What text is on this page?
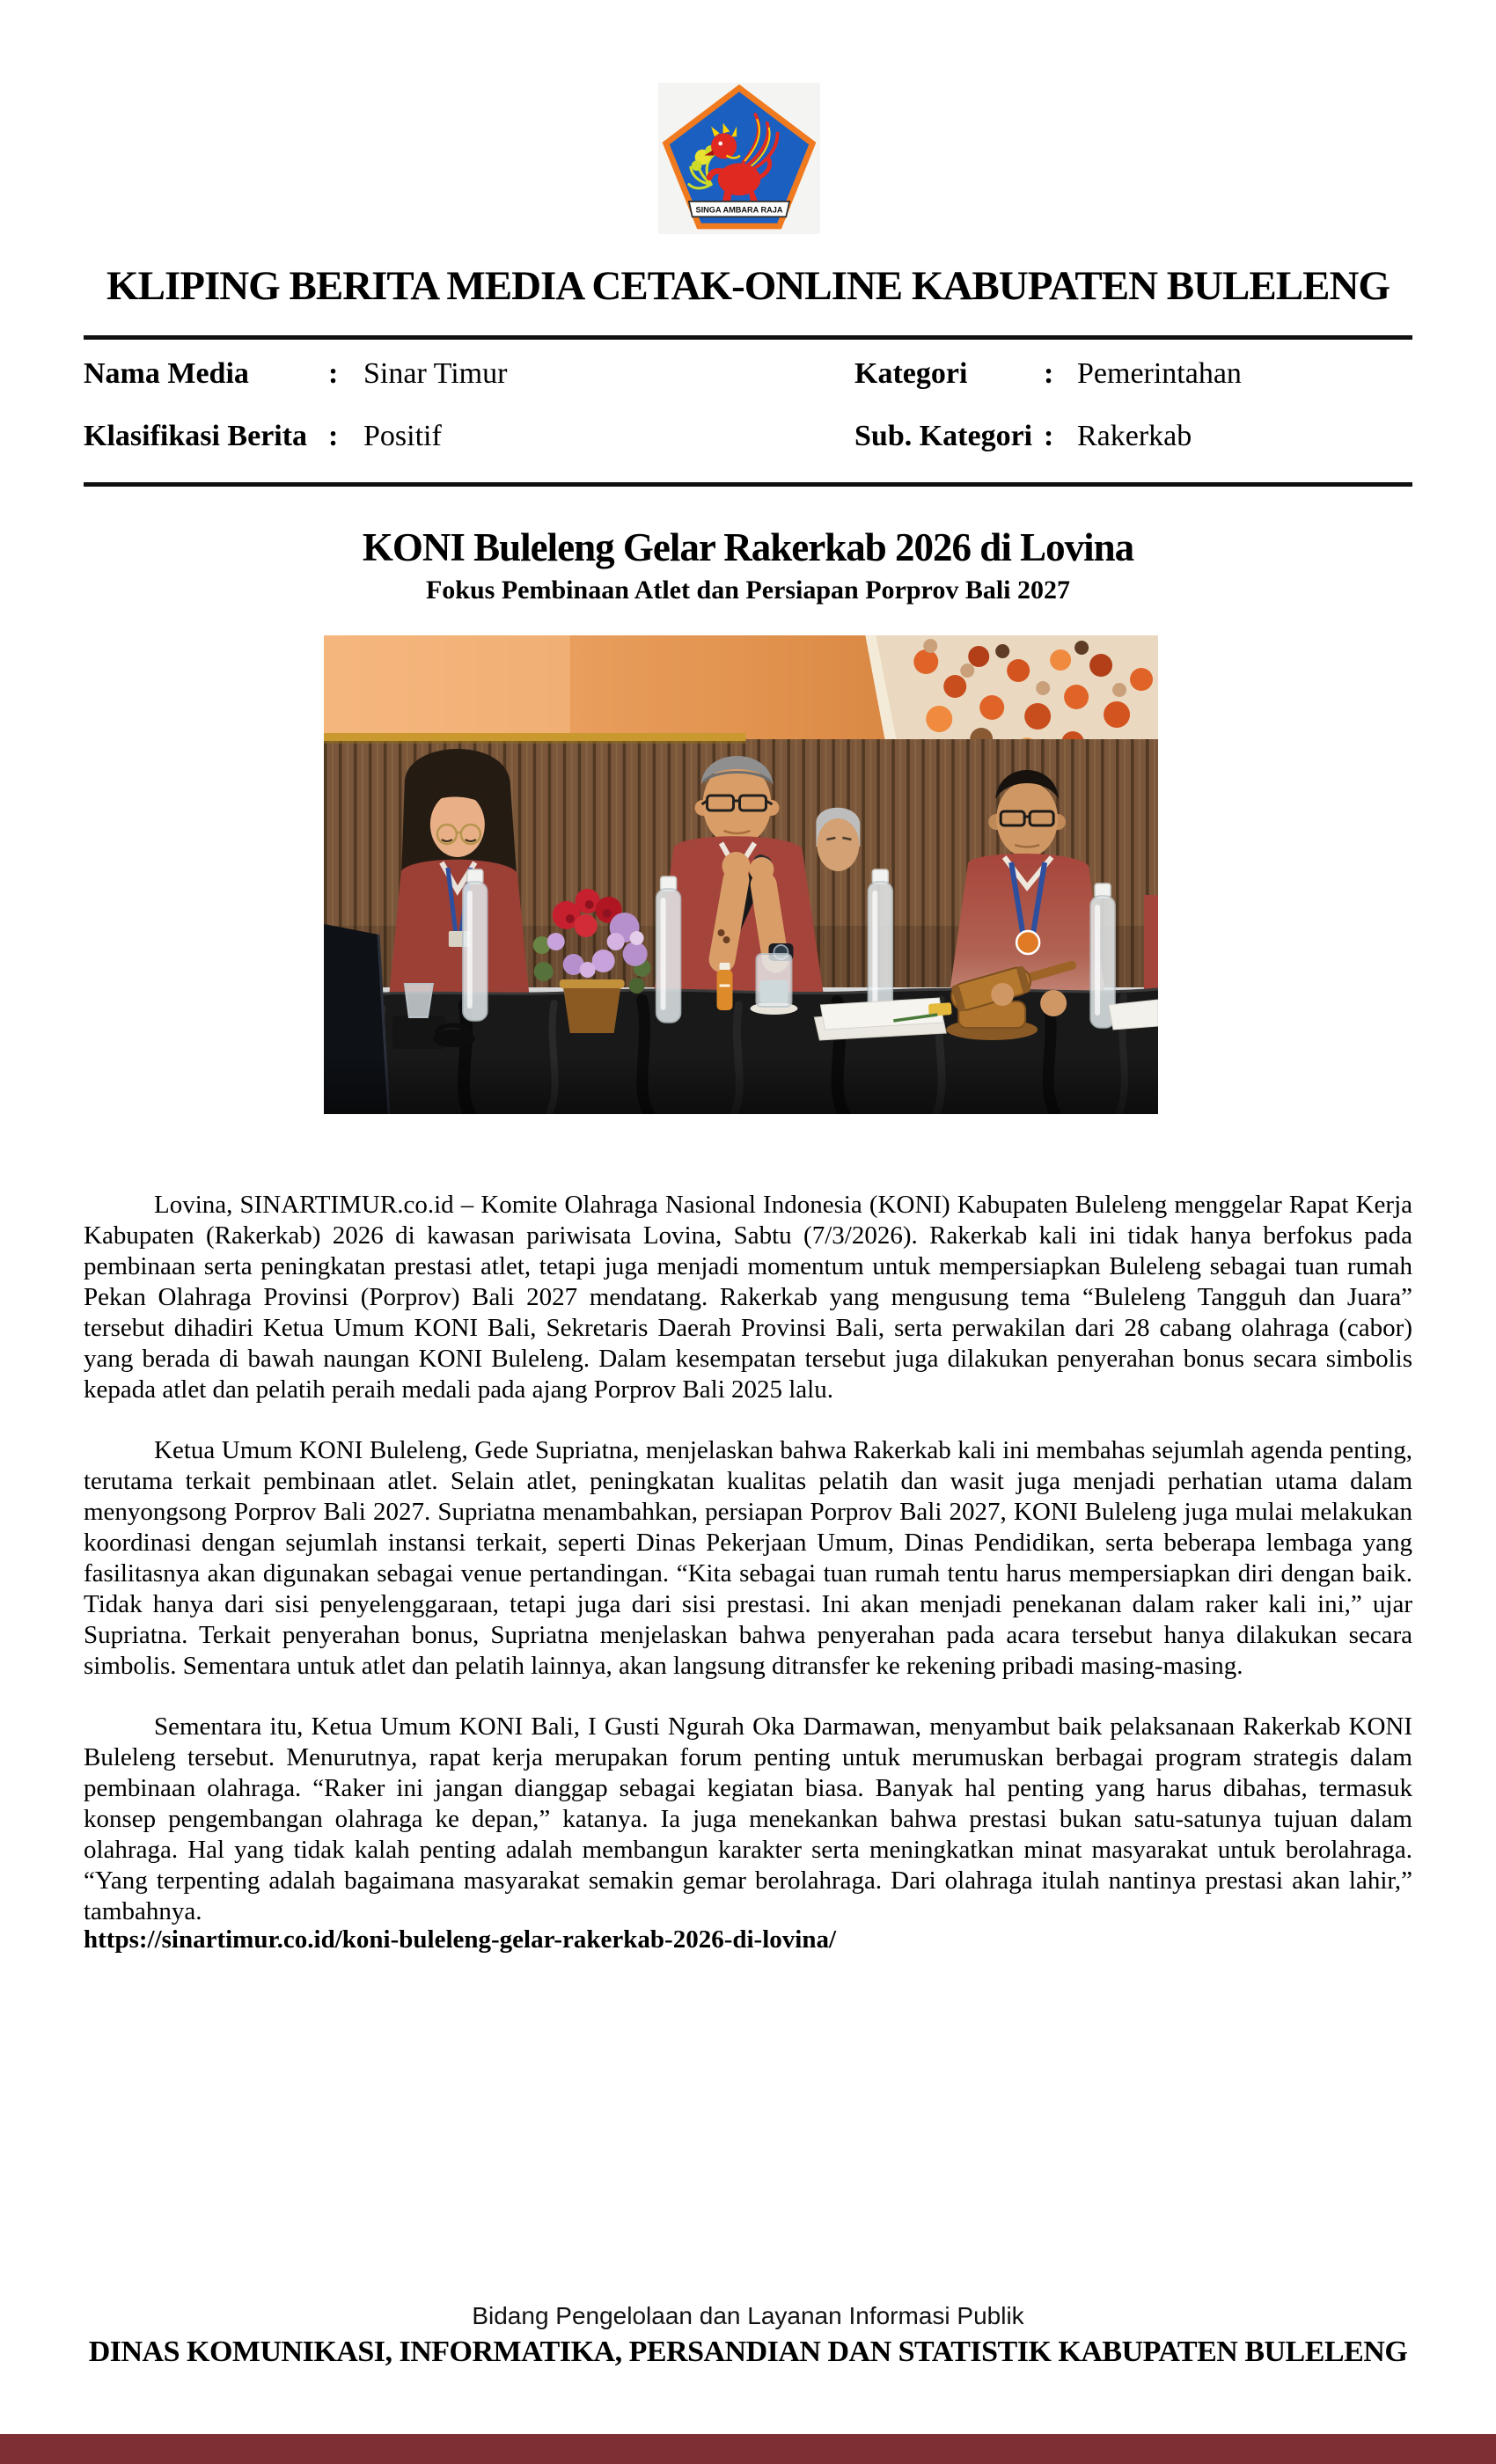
SINGA AMBARA RAJA
KLIPING BERITA MEDIA CETAK-ONLINE KABUPATEN BULELENG
Nama Media	: Sinar Timur	Kategori	: Pemerintahan
Klasifikasi Berita : Positif	Sub. Kategori : Rakerkab
KONI Buleleng Gelar Rakerkab 2026 di Lovina
Fokus Pembinaan Atlet dan Persiapan Porprov Bali 2027

Lovina, SINARTIMUR.co.id – Komite Olahraga Nasional Indonesia (KONI) Kabupaten Buleleng menggelar Rapat Kerja Kabupaten (Rakerkab) 2026 di kawasan pariwisata Lovina, Sabtu (7/3/2026). Rakerkab kali ini tidak hanya berfokus pada pembinaan serta peningkatan prestasi atlet, tetapi juga menjadi momentum untuk mempersiapkan Buleleng sebagai tuan rumah Pekan Olahraga Provinsi (Porprov) Bali 2027 mendatang. Rakerkab yang mengusung tema “Buleleng Tangguh dan Juara” tersebut dihadiri Ketua Umum KONI Bali, Sekretaris Daerah Provinsi Bali, serta perwakilan dari 28 cabang olahraga (cabor) yang berada di bawah naungan KONI Buleleng. Dalam kesempatan tersebut juga dilakukan penyerahan bonus secara simbolis kepada atlet dan pelatih peraih medali pada ajang Porprov Bali 2025 lalu.

Ketua Umum KONI Buleleng, Gede Supriatna, menjelaskan bahwa Rakerkab kali ini membahas sejumlah agenda penting, terutama terkait pembinaan atlet. Selain atlet, peningkatan kualitas pelatih dan wasit juga menjadi perhatian utama dalam menyongsong Porprov Bali 2027. Supriatna menambahkan, persiapan Porprov Bali 2027, KONI Buleleng juga mulai melakukan koordinasi dengan sejumlah instansi terkait, seperti Dinas Pekerjaan Umum, Dinas Pendidikan, serta beberapa lembaga yang fasilitasnya akan digunakan sebagai venue pertandingan. “Kita sebagai tuan rumah tentu harus mempersiapkan diri dengan baik. Tidak hanya dari sisi penyelenggaraan, tetapi juga dari sisi prestasi. Ini akan menjadi penekanan dalam raker kali ini,” ujar Supriatna. Terkait penyerahan bonus, Supriatna menjelaskan bahwa penyerahan pada acara tersebut hanya dilakukan secara simbolis. Sementara untuk atlet dan pelatih lainnya, akan langsung ditransfer ke rekening pribadi masing-masing.

Sementara itu, Ketua Umum KONI Bali, I Gusti Ngurah Oka Darmawan, menyambut baik pelaksanaan Rakerkab KONI Buleleng tersebut. Menurutnya, rapat kerja merupakan forum penting untuk merumuskan berbagai program strategis dalam pembinaan olahraga. “Raker ini jangan dianggap sebagai kegiatan biasa. Banyak hal penting yang harus dibahas, termasuk konsep pengembangan olahraga ke depan,” katanya. Ia juga menekankan bahwa prestasi bukan satu-satunya tujuan dalam olahraga. Hal yang tidak kalah penting adalah membangun karakter serta meningkatkan minat masyarakat untuk berolahraga. “Yang terpenting adalah bagaimana masyarakat semakin gemar berolahraga. Dari olahraga itulah nantinya prestasi akan lahir,” tambahnya.

https://sinartimur.co.id/koni-buleleng-gelar-rakerkab-2026-di-lovina/
Bidang Pengelolaan dan Layanan Informasi Publik
DINAS KOMUNIKASI, INFORMATIKA, PERSANDIAN DAN STATISTIK KABUPATEN BULELENG
